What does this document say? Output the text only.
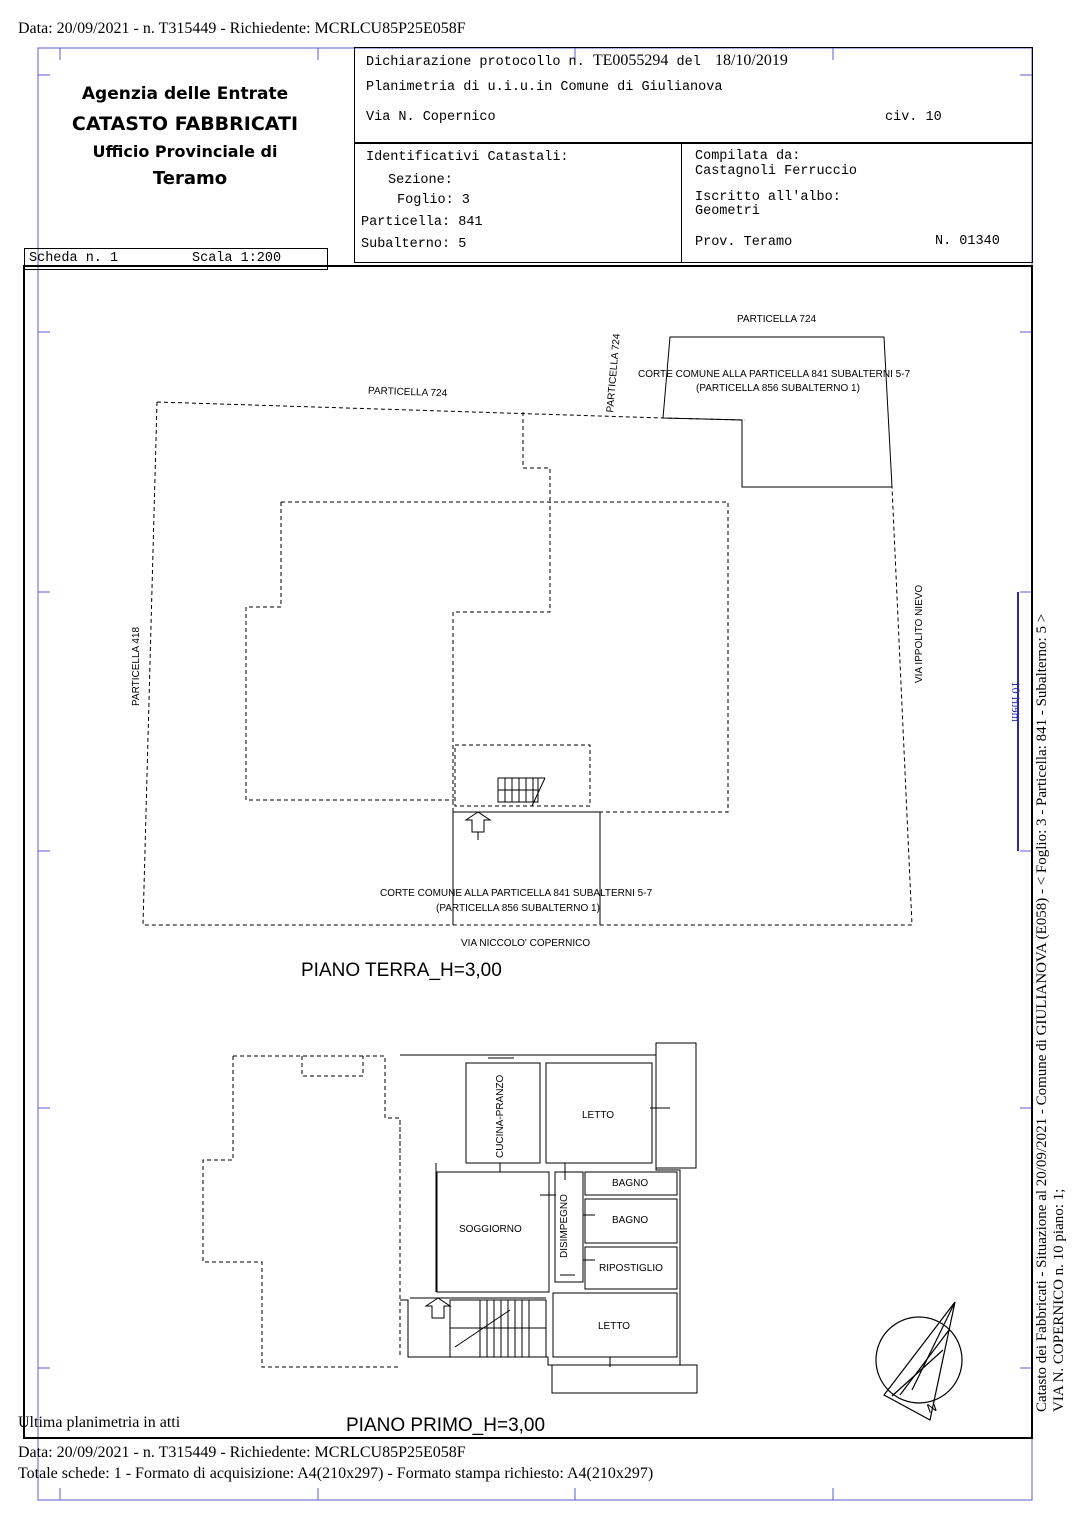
Data: 20/09/2021 - n. T315449 - Richiedente: MCRLCU85P25E058F
Agenzia delle Entrate
CATASTO FABBRICATI
Ufficio Provinciale di
Teramo
Dichiarazione protocollo n. TE0055294 del 18/10/2019
Planimetria di u.i.u.in Comune di Giulianova
Via N. Copernico	civ. 10
Identificativi Catastali:
Sezione:
Foglio: 3
Particella: 841
Subalterno: 5
Compilata da:
Castagnoli Ferruccio
Iscritto all'albo:
Geometri
Prov. Teramo	N. 01340
Scheda n. 1	Scala 1:200
PARTICELLA 724
PARTICELLA 724
PARTICELLA 724
CORTE COMUNE ALLA PARTICELLA 841 SUBALTERNI 5-7
(PARTICELLA 856 SUBALTERNO 1)
PARTICELLA 418	VIA IPPOLITO NIEVO
CORTE COMUNE ALLA PARTICELLA 841 SUBALTERNI 5-7
(PARTICELLA 856 SUBALTERNO 1)
VIA NICCOLO' COPERNICO
PIANO TERRA_H=3,00
CUCINA-PRANZO	LETTO
BAGNO
BAGNO
SOGGIORNO	DISIMPEGNO
RIPOSTIGLIO
LETTO
PIANO PRIMO_H=3,00
N	Catasto dei Fabbricati - Situazione al 20/09/2021 - Comune di GIULIANOVA (E058) - < Foglio: 3 - Particella: 841 - Subalterno: 5 > VIA N. COPERNICO n. 10 piano: 1;
metri 01
Ultima planimetria in atti
Data: 20/09/2021 - n. T315449 - Richiedente: MCRLCU85P25E058F
Totale schede: 1 - Formato di acquisizione: A4(210x297) - Formato stampa richiesto: A4(210x297)
